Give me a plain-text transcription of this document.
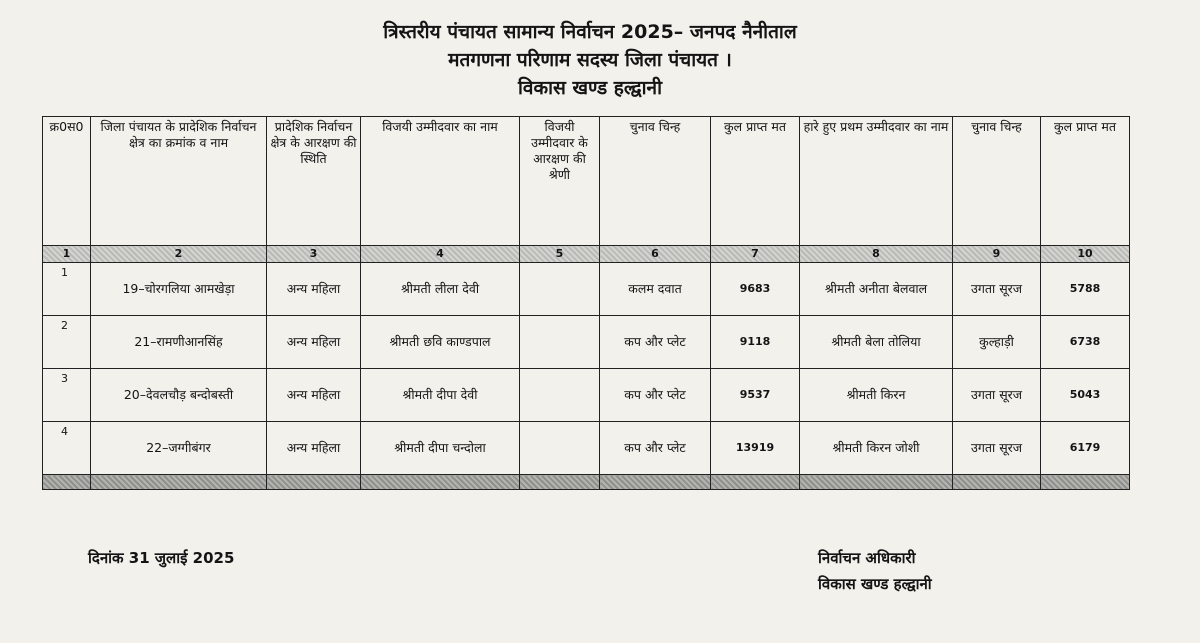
त्रिस्तरीय पंचायत सामान्य निर्वाचन 2025– जनपद नैनीताल
मतगणना परिणाम सदस्य जिला पंचायत ।
विकास खण्ड हल्द्वानी
क्र0स0	जिला पंचायत के प्रादेशिक निर्वाचन क्षेत्र का क्रमांक व नाम	प्रादेशिक निर्वाचन क्षेत्र के आरक्षण की स्थिति	विजयी उम्मीदवार का नाम	विजयी उम्मीदवार के आरक्षण की श्रेणी	चुनाव चिन्ह	कुल प्राप्त मत	हारे हुए प्रथम उम्मीदवार का नाम	चुनाव चिन्ह	कुल प्राप्त मत
1	2	3	4	5	6	7	8	9	10
1	19–चोरगलिया आमखेड़ा	अन्य महिला	श्रीमती लीला देवी		कलम दवात	9683	श्रीमती अनीता बेलवाल	उगता सूरज	5788
2	21–रामणीआनसिंह	अन्य महिला	श्रीमती छवि काण्डपाल		कप और प्लेट	9118	श्रीमती बेला तोलिया	कुल्हाड़ी	6738
3	20–देवलचौड़ बन्दोबस्ती	अन्य महिला	श्रीमती दीपा देवी		कप और प्लेट	9537	श्रीमती किरन	उगता सूरज	5043
4	22–जग्गीबंगर	अन्य महिला	श्रीमती दीपा चन्दोला		कप और प्लेट	13919	श्रीमती किरन जोशी	उगता सूरज	6179

दिनांक 31 जुलाई 2025	निर्वाचन अधिकारी
विकास खण्ड हल्द्वानी
